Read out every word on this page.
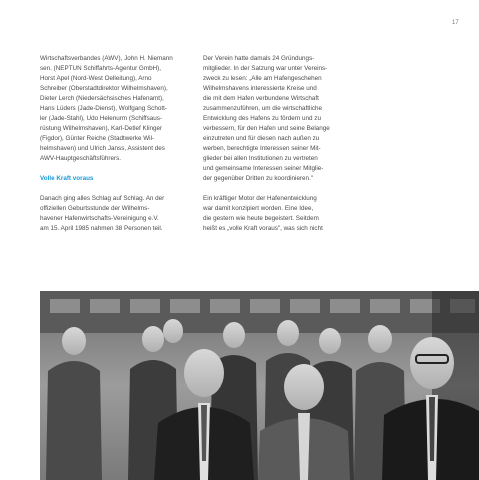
17
Wirtschaftsverbandes (AWV), John H. Niemann
sen. (NEPTUN Schiffahrts-Agentur GmbH),
Horst Apel (Nord-West Oelleitung), Arno
Schreiber (Oberstadtdirektor Wilhelmshaven),
Dieter Lerch (Niedersächsisches Hafenamt),
Hans Lüders (Jade-Dienst), Wolfgang Schott-
ler (Jade-Stahl), Udo Helenurm (Schiffsaus-
rüstung Wilhelmshaven), Karl-Detlef Klinger
(Figdor), Günter Reiche (Stadtwerke Wil-
helmshaven) und Ulrich Janss, Assistent des
AWV-Hauptgeschäftsführers.
Volle Kraft voraus
Danach ging alles Schlag auf Schlag. An der
offiziellen Geburtsstunde der Wilhelms-
havener Hafenwirtschafts-Vereinigung e.V.
am 15. April 1985 nahmen 38 Personen teil.
Der Verein hatte damals 24 Gründungs-
mitglieder. In der Satzung war unter Vereins-
zweck zu lesen: „Alle am Hafengeschehen
Wilhelmshavens interessierte Kreise und
die mit dem Hafen verbundene Wirtschaft
zusammenzuführen, um die wirtschaftliche
Entwicklung des Hafens zu fördern und zu
verbessern, für den Hafen und seine Belange
einzutreten und für diesen nach außen zu
werben, berechtigte Interessen seiner Mit-
glieder bei allen Institutionen zu vertreten
und gemeinsame Interessen seiner Mitglie-
der gegenüber Dritten zu koordinieren."
Ein kräftiger Motor der Hafenentwicklung
war damit konzipiert worden. Eine Idee,
die gestern wie heute begeistert. Seitdem
heißt es „volle Kraft voraus", was sich nicht
